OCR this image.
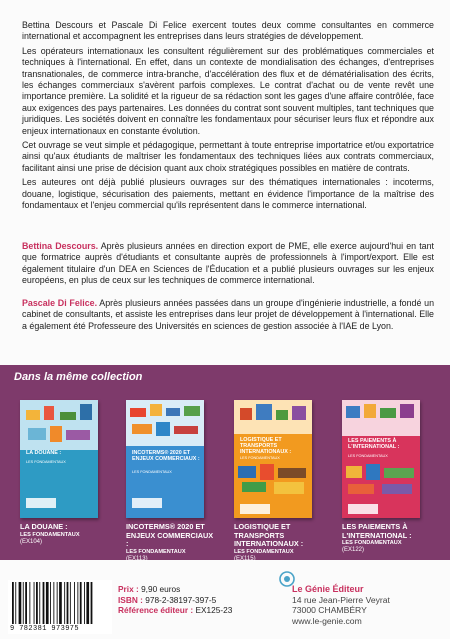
Bettina Descours et Pascale Di Felice exercent toutes deux comme consultantes en commerce international et accompagnent les entreprises dans leurs stratégies de développement.

Les opérateurs internationaux les consultent régulièrement sur des problématiques commerciales et techniques à l'international. En effet, dans un contexte de mondialisation des échanges, d'entreprises transnationales, de commerce intra-branche, d'accélération des flux et de dématérialisation des écrits, les échanges commerciaux s'avèrent parfois complexes. Le contrat d'achat ou de vente revêt une importance première. La solidité et la rigueur de sa rédaction sont les gages d'une affaire contrôlée, face aux exigences des pays partenaires. Les données du contrat sont souvent multiples, tant techniques que juridiques. Les sociétés doivent en connaître les fondamentaux pour sécuriser leurs flux et répondre aux enjeux internationaux en constante évolution.

Cet ouvrage se veut simple et pédagogique, permettant à toute entreprise importatrice et/ou exportatrice ainsi qu'aux étudiants de maîtriser les fondamentaux des techniques liées aux contrats commerciaux, facilitant ainsi une prise de décision quant aux choix stratégiques possibles en matière de contrats.

Les auteures ont déjà publié plusieurs ouvrages sur des thématiques internationales : incoterms, douane, logistique, sécurisation des paiements, mettant en évidence l'importance de la maîtrise des fondamentaux et l'enjeu commercial qu'ils représentent dans le commerce international.

Bettina Descours. Après plusieurs années en direction export de PME, elle exerce aujourd'hui en tant que formatrice auprès d'étudiants et consultante auprès de professionnels à l'import/export. Elle est également titulaire d'un DEA en Sciences de l'Éducation et a publié plusieurs ouvrages sur les enjeux européens, en plus de ceux sur les techniques de commerce international.

Pascale Di Felice. Après plusieurs années passées dans un groupe d'ingénierie industrielle, a fondé un cabinet de consultants, et assiste les entreprises dans leur projet de développement à l'international. Elle a également été Professeure des Universités en sciences de gestion associée à l'IAE de Lyon.

Dans la même collection
LA DOUANE :
LES FONDAMENTAUX
INCOTERMS® 2020 ET ENJEUX COMMERCIAUX :
LES FONDAMENTAUX
LOGISTIQUE ET TRANSPORTS INTERNATIONAUX :
LES FONDAMENTAUX
LES PAIEMENTS À L'INTERNATIONAL :
LES FONDAMENTAUX
LA DOUANE :
LES FONDAMENTAUX
(EX104)
INCOTERMS® 2020 ET ENJEUX COMMERCIAUX :
LES FONDAMENTAUX
(EX113)
LOGISTIQUE ET TRANSPORTS INTERNATIONAUX :
LES FONDAMENTAUX
(EX115)
LES PAIEMENTS À L'INTERNATIONAL :
LES FONDAMENTAUX
(EX122)
9 782381 973975
Prix : 9,90 euros
ISBN : 978-2-38197-397-5
Référence éditeur : EX125-23
Le Génie Éditeur
14 rue Jean-Pierre Veyrat
73000 CHAMBÉRY
www.le-genie.com
